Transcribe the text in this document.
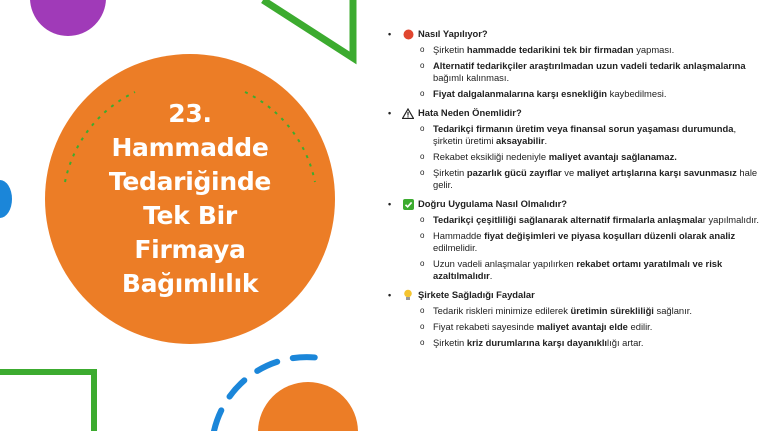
23. Hammadde Tedariğinde Tek Bir Firmaya Bağımlılık
•	Nasıl Yapılıyor?
o Şirketin hammadde tedarikini tek bir firmadan yapması.
o Alternatif tedarikçiler araştırılmadan uzun vadeli tedarik anlaşmalarına bağımlı kalınması.
o Fiyat dalgalanmalarına karşı esnekliğin kaybedilmesi.
•	Hata Neden Önemlidir?
o Tedarikçi firmanın üretim veya finansal sorun yaşaması durumunda, şirketin üretimi aksayabilir.
o Rekabet eksikliği nedeniyle maliyet avantajı sağlanamaz.
o Şirketin pazarlık gücü zayıflar ve maliyet artışlarına karşı savunmasız hale gelir.
•	Doğru Uygulama Nasıl Olmalıdır?
o Tedarikçi çeşitliliği sağlanarak alternatif firmalarla anlaşmalar yapılmalıdır.
o Hammadde fiyat değişimleri ve piyasa koşulları düzenli olarak analiz edilmelidir.
o Uzun vadeli anlaşmalar yapılırken rekabet ortamı yaratılmalı ve risk azaltılmalıdır.
•	Şirkete Sağladığı Faydalar
o Tedarik riskleri minimize edilerek üretimin sürekliliği sağlanır.
o Fiyat rekabeti sayesinde maliyet avantajı elde edilir.
o Şirketin kriz durumlarına karşı dayanıklılığı artar.
